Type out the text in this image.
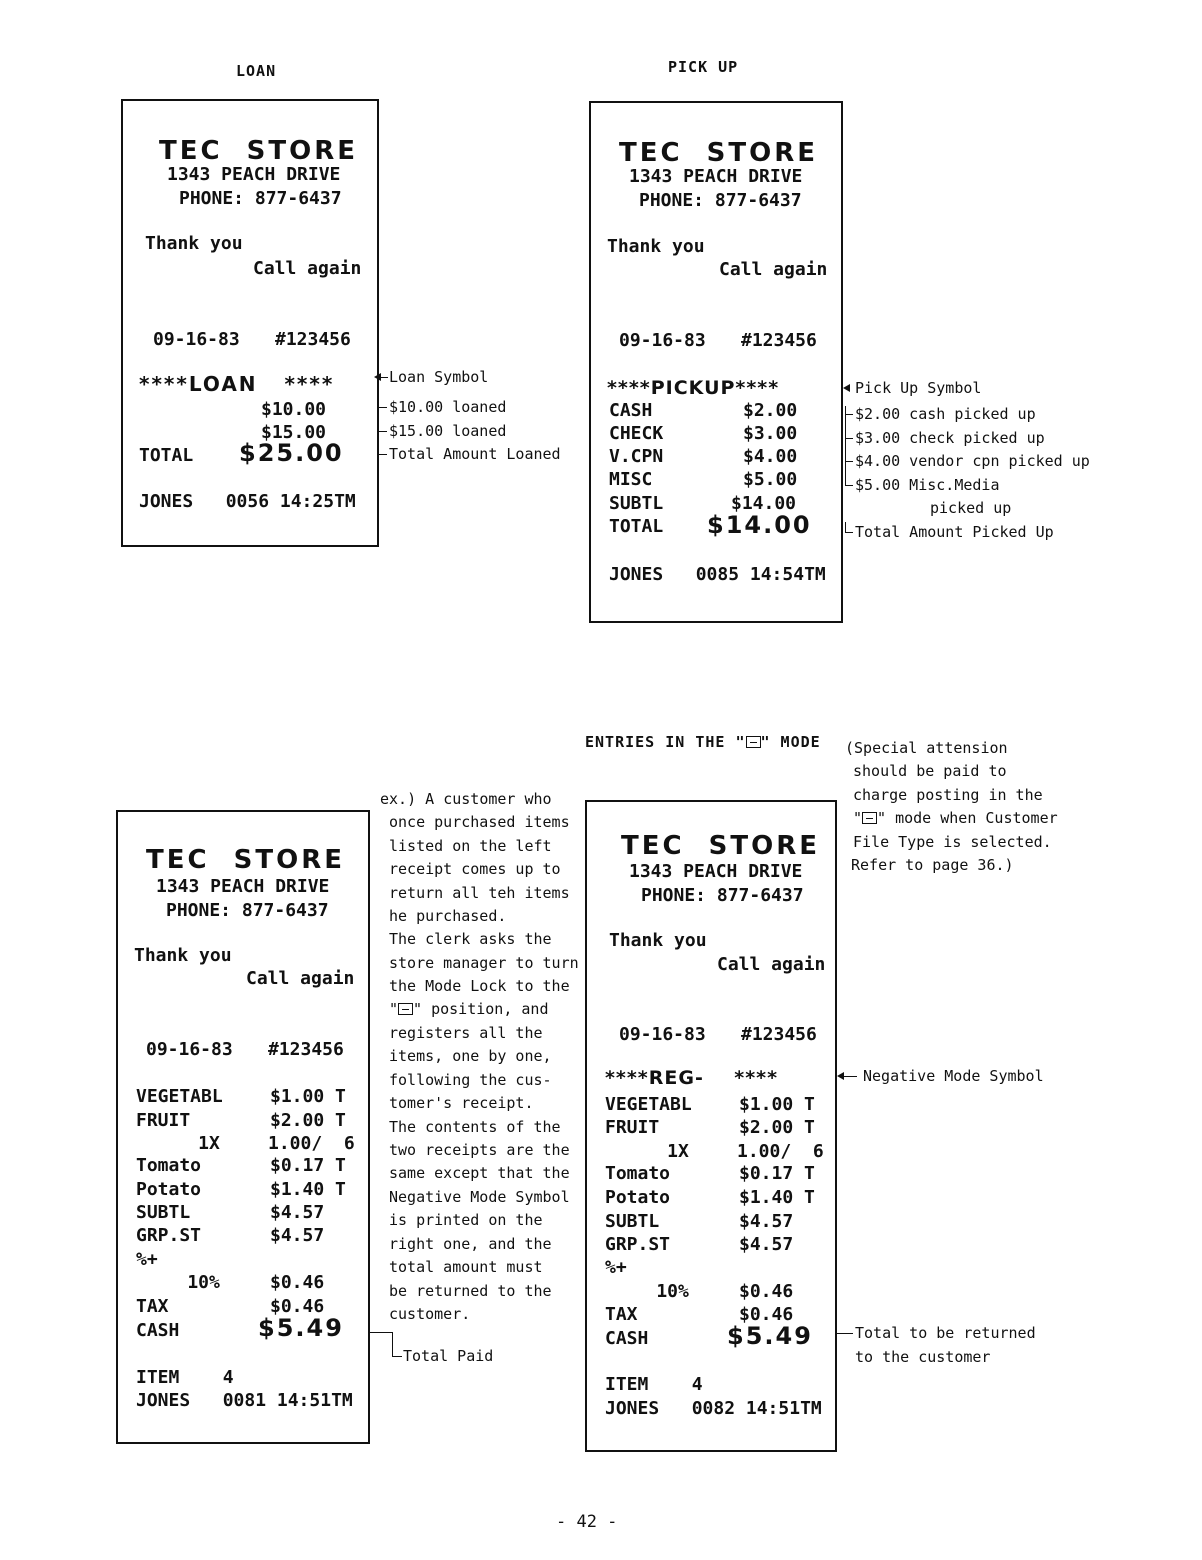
LOAN	PICK UP
ENTRIES IN THE " " MODE
TEC  STORE
1343 PEACH DRIVE
PHONE: 877-6437
Thank you
Call again
09-16-83 #123456
****LOAN   ****
$10.00
$15.00
TOTAL $25.00
JONES   0056 14:25TM
Loan Symbol
$10.00 loaned
$15.00 loaned
Total Amount Loaned
TEC  STORE
1343 PEACH DRIVE
PHONE: 877-6437
Thank you
Call again
09-16-83 #123456
****PICKUP****
CASH	$2.00
CHECK	$3.00
V.CPN	$4.00
MISC	$5.00
SUBTL	$14.00
TOTAL $14.00
JONES   0085 14:54TM
Pick Up Symbol
$2.00 cash picked up
$3.00 check picked up
$4.00 vendor cpn picked up
$5.00 Misc.Media
picked up
Total Amount Picked Up
TEC  STORE
1343 PEACH DRIVE
PHONE: 877-6437
Thank you
Call again
09-16-83 #123456
VEGETABL	$1.00 T
FRUIT	$2.00 T
1X	1.00/  6
Tomato	$0.17 T
Potato	$1.40 T
SUBTL	$4.57
GRP.ST	$4.57
%+
10%	$0.46
TAX	$0.46
CASH	$5.49
ITEM    4
JONES   0081 14:51TM
ex.) A customer who
once purchased items
listed on the left
receipt comes up to
return all teh items
he purchased.
The clerk asks the
store manager to turn
the Mode Lock to the
" " position, and
registers all the
items, one by one,
following the cus-
tomer's receipt.
The contents of the
two receipts are the
same except that the
Negative Mode Symbol
is printed on the
right one, and the
total amount must
be returned to the
customer.
Total Paid
TEC  STORE
1343 PEACH DRIVE
PHONE: 877-6437
Thank you
Call again
09-16-83 #123456
****REG-    ****
VEGETABL	$1.00 T
FRUIT	$2.00 T
1X	1.00/  6
Tomato	$0.17 T
Potato	$1.40 T
SUBTL	$4.57
GRP.ST	$4.57
%+
10%	$0.46
TAX	$0.46
CASH	$5.49
ITEM    4
JONES   0082 14:51TM
(Special attension
should be paid to
charge posting in the
" " mode when Customer
File Type is selected.
Refer to page 36.)
Negative Mode Symbol
Total to be returned
to the customer
- 42 -
